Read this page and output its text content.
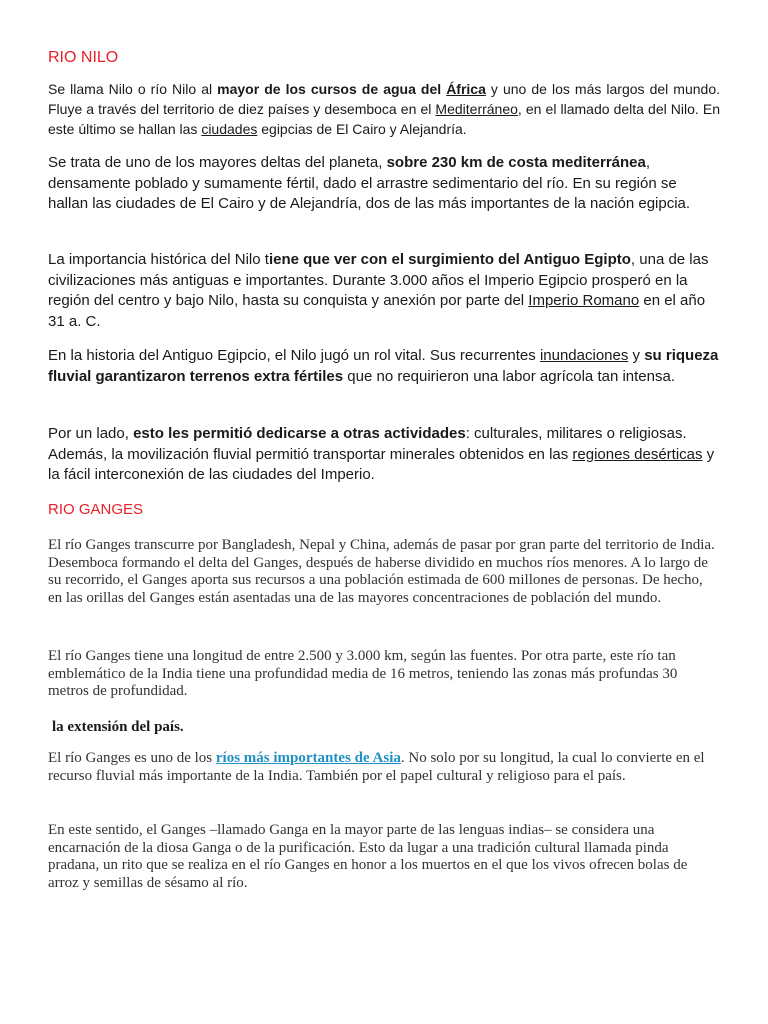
RIO NILO

Se llama Nilo o río Nilo al mayor de los cursos de agua del África y uno de los más largos del mundo. Fluye a través del territorio de diez países y desemboca en el Mediterráneo, en el llamado delta del Nilo. En este último se hallan las ciudades egipcias de El Cairo y Alejandría.

Se trata de uno de los mayores deltas del planeta, sobre 230 km de costa mediterránea, densamente poblado y sumamente fértil, dado el arrastre sedimentario del río. En su región se hallan las ciudades de El Cairo y de Alejandría, dos de las más importantes de la nación egipcia.

La importancia histórica del Nilo tiene que ver con el surgimiento del Antiguo Egipto, una de las civilizaciones más antiguas e importantes. Durante 3.000 años el Imperio Egipcio prosperó en la región del centro y bajo Nilo, hasta su conquista y anexión por parte del Imperio Romano en el año 31 a. C.

En la historia del Antiguo Egipcio, el Nilo jugó un rol vital. Sus recurrentes inundaciones y su riqueza fluvial garantizaron terrenos extra fértiles que no requirieron una labor agrícola tan intensa.

Por un lado, esto les permitió dedicarse a otras actividades: culturales, militares o religiosas. Además, la movilización fluvial permitió transportar minerales obtenidos en las regiones desérticas y la fácil interconexión de las ciudades del Imperio.

RIO GANGES

El río Ganges transcurre por Bangladesh, Nepal y China, además de pasar por gran parte del territorio de India. Desemboca formando el delta del Ganges, después de haberse dividido en muchos ríos menores. A lo largo de su recorrido, el Ganges aporta sus recursos a una población estimada de 600 millones de personas. De hecho, en las orillas del Ganges están asentadas una de las mayores concentraciones de población del mundo.

El río Ganges tiene una longitud de entre 2.500 y 3.000 km, según las fuentes. Por otra parte, este río tan emblemático de la India tiene una profundidad media de 16 metros, teniendo las zonas más profundas 30 metros de profundidad.

la extensión del país.

El río Ganges es uno de los ríos más importantes de Asia. No solo por su longitud, la cual lo convierte en el recurso fluvial más importante de la India. También por el papel cultural y religioso para el país.

En este sentido, el Ganges –llamado Ganga en la mayor parte de las lenguas indias– se considera una encarnación de la diosa Ganga o de la purificación. Esto da lugar a una tradición cultural llamada pinda pradana, un rito que se realiza en el río Ganges en honor a los muertos en el que los vivos ofrecen bolas de arroz y semillas de sésamo al río.
